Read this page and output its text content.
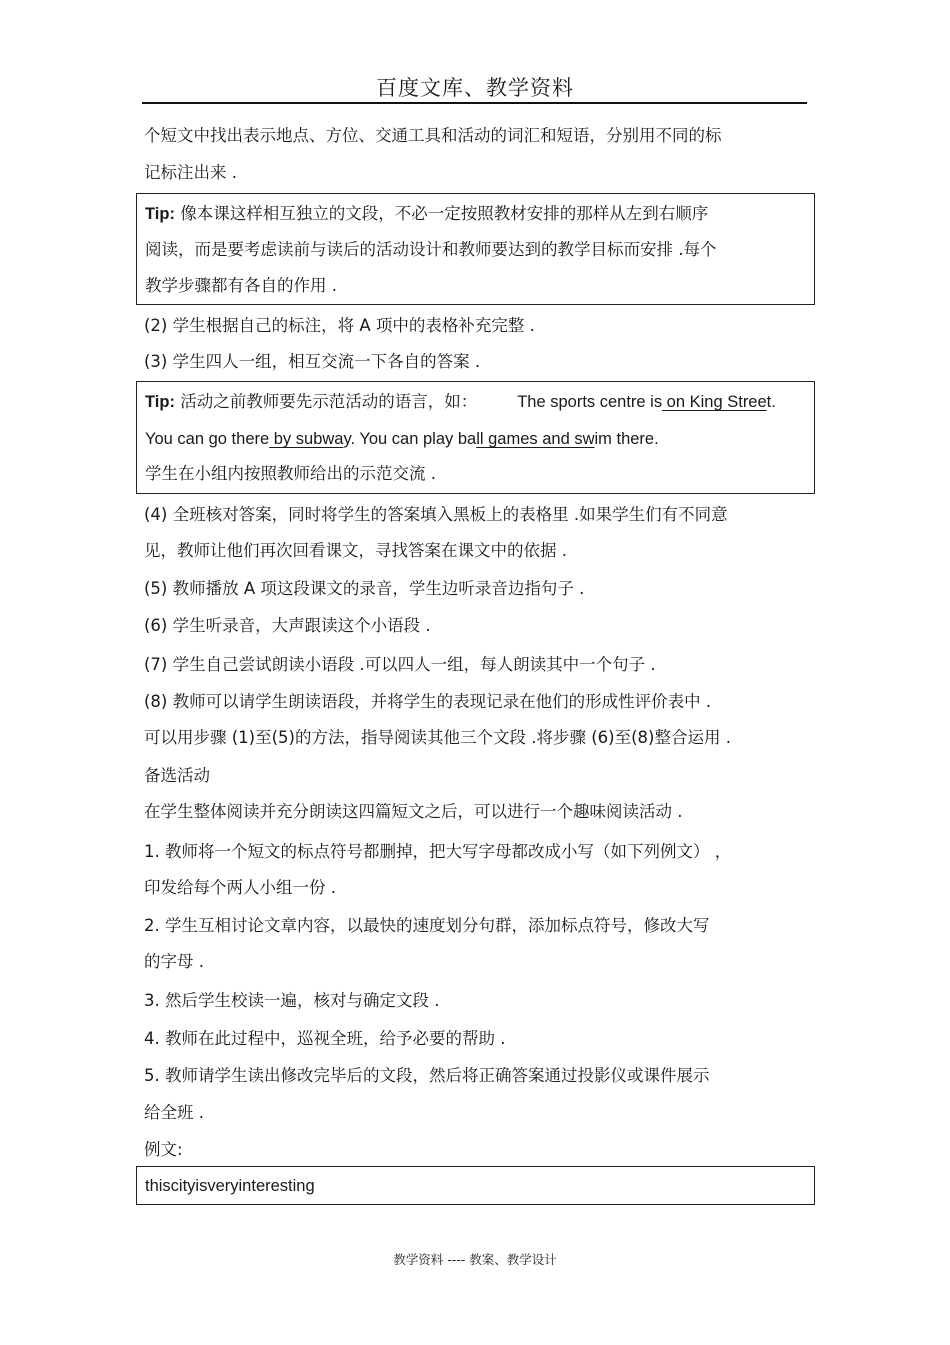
百度文库、教学资料
个短文中找出表示地点、方位、交通工具和活动的词汇和短语，分别用不同的标
记标注出来 .
Tip: 像本课这样相互独立的文段，不必一定按照教材安排的那样从左到右顺序
阅读，而是要考虑读前与读后的活动设计和教师要达到的教学目标而安排 .每个
教学步骤都有各自的作用 .
(2) 学生根据自己的标注，将 A 项中的表格补充完整 .
(3) 学生四人一组，相互交流一下各自的答案 .
Tip: 活动之前教师要先示范活动的语言，如： The sports centre is on King Street.
You can go there by subway. You can play ball games and swim there.
学生在小组内按照教师给出的示范交流 .
(4) 全班核对答案，同时将学生的答案填入黑板上的表格里 .如果学生们有不同意
见，教师让他们再次回看课文，寻找答案在课文中的依据 .
(5) 教师播放 A 项这段课文的录音，学生边听录音边指句子 .
(6) 学生听录音，大声跟读这个小语段 .
(7) 学生自己尝试朗读小语段 .可以四人一组，每人朗读其中一个句子 .
(8) 教师可以请学生朗读语段，并将学生的表现记录在他们的形成性评价表中 .
可以用步骤 (1)至(5)的方法，指导阅读其他三个文段 .将步骤 (6)至(8)整合运用 .
备选活动
在学生整体阅读并充分朗读这四篇短文之后，可以进行一个趣味阅读活动 .
1. 教师将一个短文的标点符号都删掉，把大写字母都改成小写（如下列例文） ，
印发给每个两人小组一份 .
2. 学生互相讨论文章内容，以最快的速度划分句群，添加标点符号，修改大写
的字母 .
3. 然后学生校读一遍，核对与确定文段 .
4. 教师在此过程中，巡视全班，给予必要的帮助 .
5. 教师请学生读出修改完毕后的文段，然后将正确答案通过投影仪或课件展示
给全班 .
例文:
thiscityisveryinteresting
教学资料 ---- 教案、教学设计
